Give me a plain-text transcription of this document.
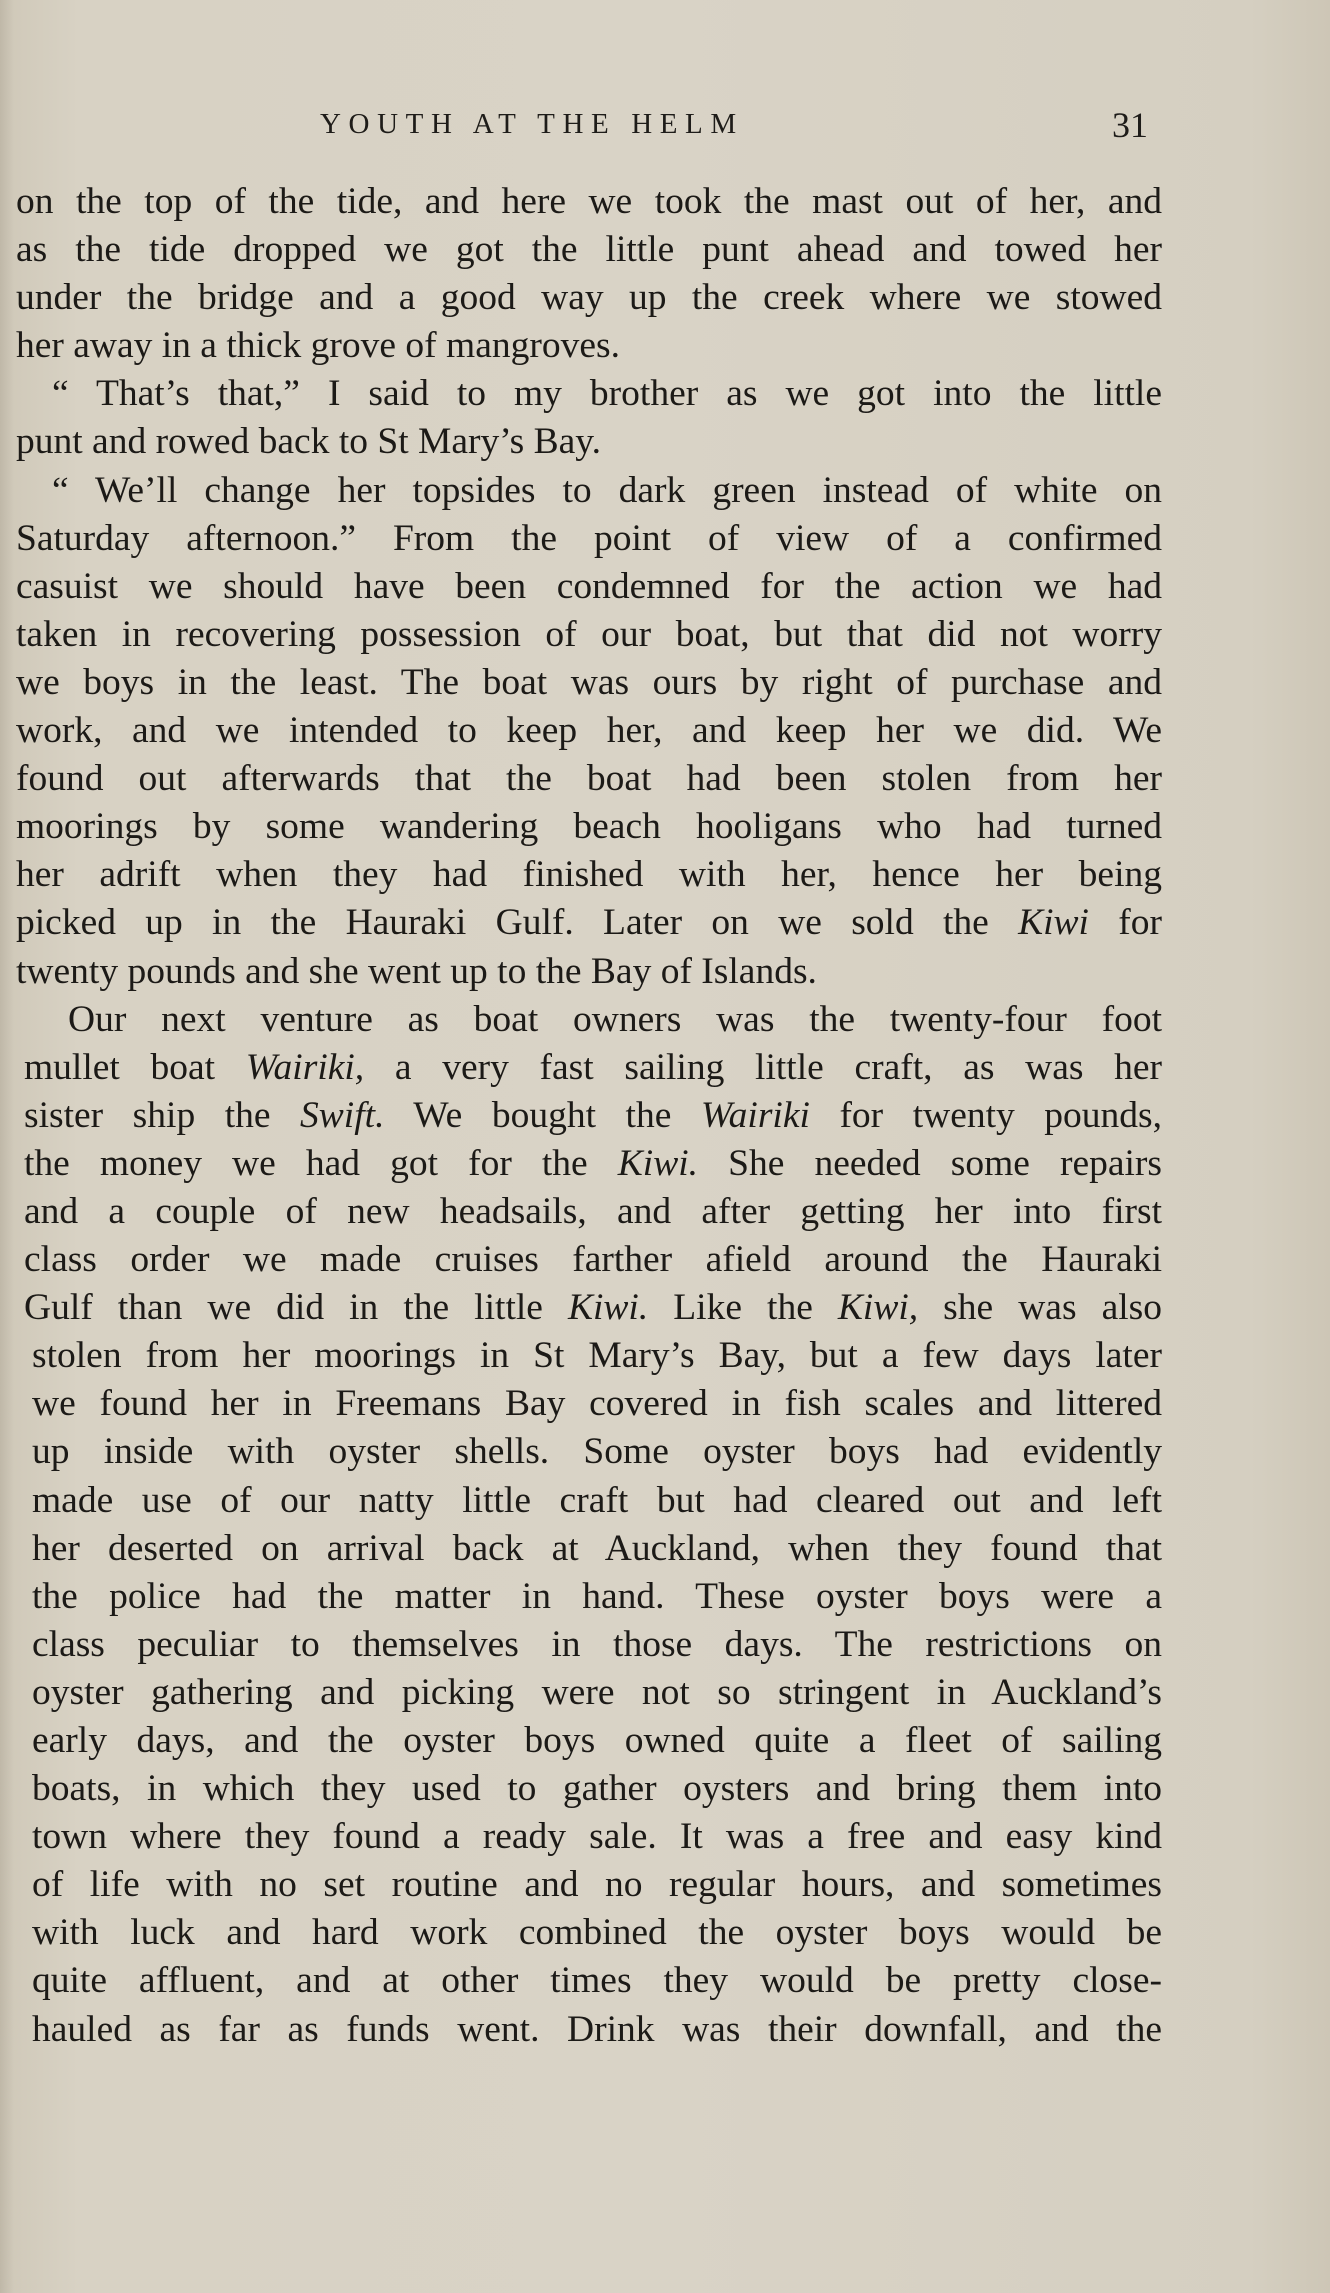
YOUTH AT THE HELM	31
on the top of the tide, and here we took the mast out of her, and
as the tide dropped we got the little punt ahead and towed her
under the bridge and a good way up the creek where we stowed
her away in a thick grove of mangroves.
“ That’s that,” I said to my brother as we got into the little
punt and rowed back to St Mary’s Bay.
“ We’ll change her topsides to dark green instead of white on
Saturday afternoon.” From the point of view of a confirmed
casuist we should have been condemned for the action we had
taken in recovering possession of our boat, but that did not worry
we boys in the least. The boat was ours by right of purchase and
work, and we intended to keep her, and keep her we did. We
found out afterwards that the boat had been stolen from her
moorings by some wandering beach hooligans who had turned
her adrift when they had finished with her, hence her being
picked up in the Hauraki Gulf. Later on we sold the Kiwi for
twenty pounds and she went up to the Bay of Islands.
Our next venture as boat owners was the twenty-four foot
mullet boat Wairiki, a very fast sailing little craft, as was her
sister ship the Swift. We bought the Wairiki for twenty pounds,
the money we had got for the Kiwi. She needed some repairs
and a couple of new headsails, and after getting her into first
class order we made cruises farther afield around the Hauraki
Gulf than we did in the little Kiwi. Like the Kiwi, she was also
stolen from her moorings in St Mary’s Bay, but a few days later
we found her in Freemans Bay covered in fish scales and littered
up inside with oyster shells. Some oyster boys had evidently
made use of our natty little craft but had cleared out and left
her deserted on arrival back at Auckland, when they found that
the police had the matter in hand. These oyster boys were a
class peculiar to themselves in those days. The restrictions on
oyster gathering and picking were not so stringent in Auckland’s
early days, and the oyster boys owned quite a fleet of sailing
boats, in which they used to gather oysters and bring them into
town where they found a ready sale. It was a free and easy kind
of life with no set routine and no regular hours, and sometimes
with luck and hard work combined the oyster boys would be
quite affluent, and at other times they would be pretty close-
hauled as far as funds went. Drink was their downfall, and the
